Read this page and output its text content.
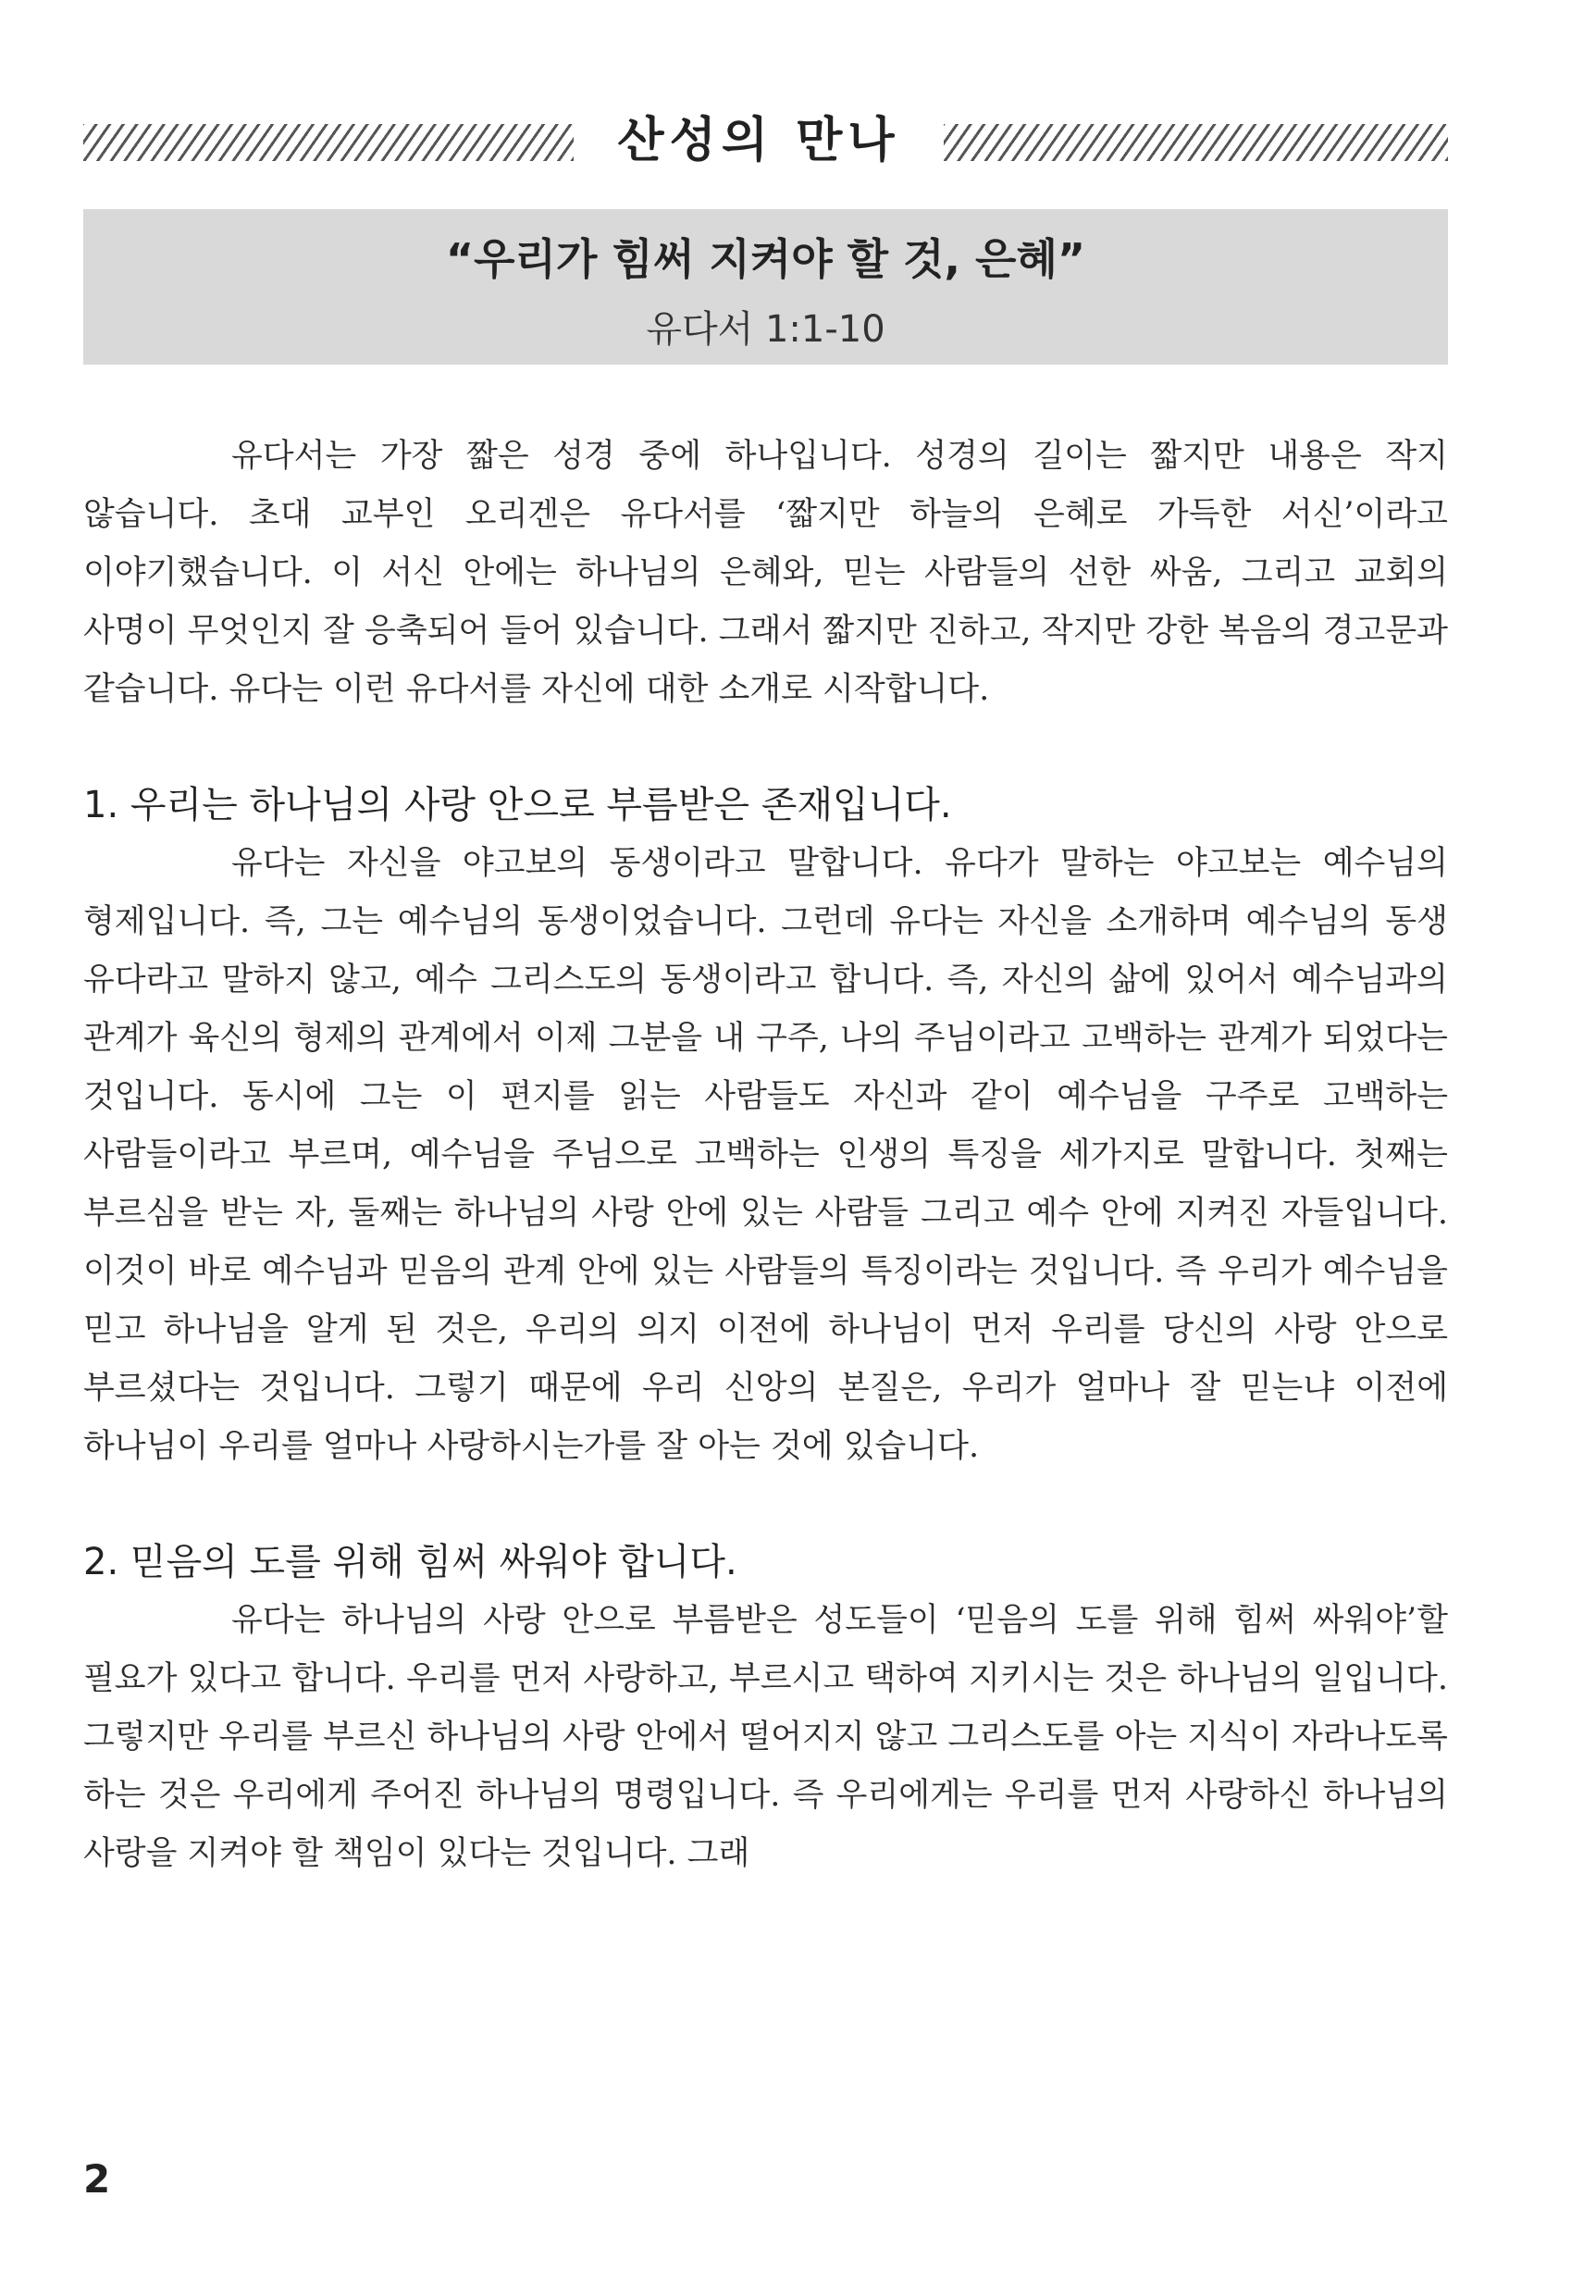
산성의 만나
“우리가 힘써 지켜야 할 것, 은혜”
유다서 1:1-10

유다서는 가장 짧은 성경 중에 하나입니다. 성경의 길이는 짧지만 내용은 작지 않습니다. 초대 교부인 오리겐은 유다서를 ‘짧지만 하늘의 은혜로 가득한 서신’이라고 이야기했습니다. 이 서신 안에는 하나님의 은혜와, 믿는 사람들의 선한 싸움, 그리고 교회의 사명이 무엇인지 잘 응축되어 들어 있습니다. 그래서 짧지만 진하고, 작지만 강한 복음의 경고문과 같습니다. 유다는 이런 유다서를 자신에 대한 소개로 시작합니다.

1. 우리는 하나님의 사랑 안으로 부름받은 존재입니다.

유다는 자신을 야고보의 동생이라고 말합니다. 유다가 말하는 야고보는 예수님의 형제입니다. 즉, 그는 예수님의 동생이었습니다. 그런데 유다는 자신을 소개하며 예수님의 동생 유다라고 말하지 않고, 예수 그리스도의 동생이라고 합니다. 즉, 자신의 삶에 있어서 예수님과의 관계가 육신의 형제의 관계에서 이제 그분을 내 구주, 나의 주님이라고 고백하는 관계가 되었다는 것입니다. 동시에 그는 이 편지를 읽는 사람들도 자신과 같이 예수님을 구주로 고백하는 사람들이라고 부르며, 예수님을 주님으로 고백하는 인생의 특징을 세가지로 말합니다. 첫째는 부르심을 받는 자, 둘째는 하나님의 사랑 안에 있는 사람들 그리고 예수 안에 지켜진 자들입니다. 이것이 바로 예수님과 믿음의 관계 안에 있는 사람들의 특징이라는 것입니다. 즉 우리가 예수님을 믿고 하나님을 알게 된 것은, 우리의 의지 이전에 하나님이 먼저 우리를 당신의 사랑 안으로 부르셨다는 것입니다. 그렇기 때문에 우리 신앙의 본질은, 우리가 얼마나 잘 믿는냐 이전에 하나님이 우리를 얼마나 사랑하시는가를 잘 아는 것에 있습니다.

2. 믿음의 도를 위해 힘써 싸워야 합니다.

유다는 하나님의 사랑 안으로 부름받은 성도들이 ‘믿음의 도를 위해 힘써 싸워야’할 필요가 있다고 합니다. 우리를 먼저 사랑하고, 부르시고 택하여 지키시는 것은 하나님의 일입니다. 그렇지만 우리를 부르신 하나님의 사랑 안에서 떨어지지 않고 그리스도를 아는 지식이 자라나도록 하는 것은 우리에게 주어진 하나님의 명령입니다. 즉 우리에게는 우리를 먼저 사랑하신 하나님의 사랑을 지켜야 할 책임이 있다는 것입니다. 그래

2
